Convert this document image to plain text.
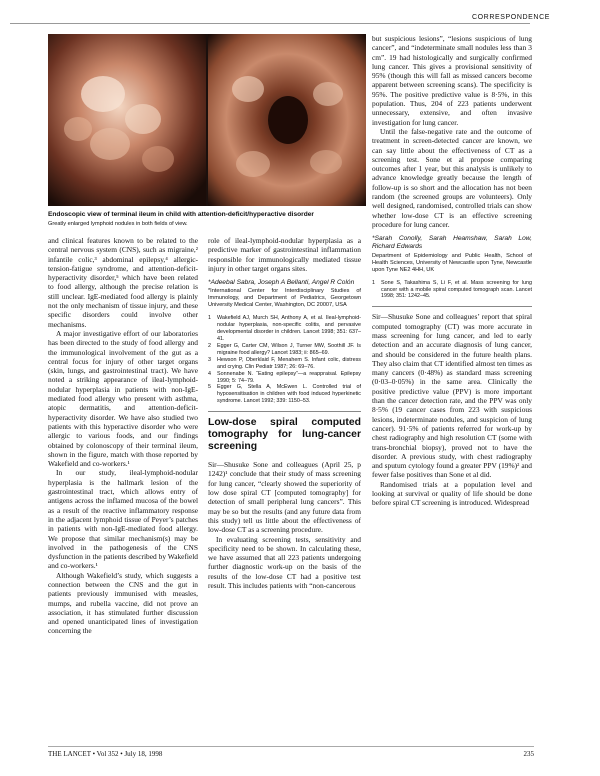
CORRESPONDENCE
Endoscopic view of terminal ileum in child with attention-deficit/hyperactive disorder
Greatly enlarged lymphoid nodules in both fields of view.

and clinical features known to be related to the central nervous system (CNS), such as migraine,² infantile colic,³ abdominal epilepsy,⁴ allergic-tension-fatigue syndrome, and attention-deficit-hyperactivity disorder,⁵ which have been related to food allergy, although the precise relation is still unclear. IgE-mediated food allergy is plainly not the only mechanism of tissue injury, and these specific disorders could involve other mechanisms.

A major investigative effort of our laboratories has been directed to the study of food allergy and the immunological involvement of the gut as a central focus for injury of other target organs (skin, lungs, and gastrointestinal tract). We have noted a striking appearance of ileal-lymphoid-nodular hyperplasia in patients with non-IgE-mediated food allergy who present with asthma, atopic dermatitis, and attention-deficit-hyperactivity disorder. We have also studied two patients with this hyperactive disorder who were allergic to various foods, and our findings obtained by colonoscopy of their terminal ileum, shown in the figure, match with those reported by Wakefield and co-workers.¹

In our study, ileal-lymphoid-nodular hyperplasia is the hallmark lesion of the gastrointestinal tract, which allows entry of antigens across the inflamed mucosa of the bowel as a result of the reactive inflammatory response in the adjacent lymphoid tissue of Peyer’s patches in patients with non-IgE-mediated food allergy. We propose that similar mechanism(s) may be involved in the pathogenesis of the CNS dysfunction in the patients described by Wakefield and co-workers.¹

Although Wakefield’s study, which suggests a connection between the CNS and the gut in patients previously immunised with measles, mumps, and rubella vaccine, did not prove an association, it has stimulated further discussion and opened unanticipated lines of investigation concerning the

role of ileal-lymphoid-nodular hyperplasia as a predictive marker of gastrointestinal inflammation responsible for immunologically mediated tissue injury in other target organs sites.

*Adeebal Sabra, Joseph A Bellanti, Angel R Colón
*International Center for Interdisciplinary Studies of Immunology, and Department of Pediatrics, Georgetown University Medical Center, Washington, DC 20007, USA
1	Wakefield AJ, Murch SH, Anthony A, et al. Ileal-lymphoid-nodular hyperplasia, non-specific colitis, and pervasive developmental disorder in children. Lancet 1998; 351: 637–41.
2	Egger G, Carter CM, Wilson J, Turner MW, Soothill JF. Is migraine food allergy? Lancet 1983; ii: 865–69.
3	Hewson P, Oberklaid F, Menahem S. Infant colic, distress and crying. Clin Pediatr 1987; 26: 69–76.
4	Sonnenabe N. “Eating epilepsy”—a reappraisal. Epilepsy 1990; 5: 74–79.
5	Egger G, Stella A, McEwen L. Controlled trial of hyposensitisation in children with food induced hyperkinetic syndrome. Lancet 1992; 339: 1150–53.
Low-dose spiral computed tomography for lung-cancer screening

Sir—Shusuke Sone and colleagues (April 25, p 1242)¹ conclude that their study of mass screening for lung cancer, “clearly showed the superiority of low dose spiral CT [computed tomography] for detection of small peripheral lung cancers”. This may be so but the results (and any future data from this study) tell us little about the effectiveness of low-dose CT as a screening procedure.

In evaluating screening tests, sensitivity and specificity need to be shown. In calculating these, we have assumed that all 223 patients undergoing further diagnostic work-up on the basis of the results of the low-dose CT had a positive test result. This includes patients with “non-cancerous

but suspicious lesions”, “lesions suspicious of lung cancer”, and “indeterminate small nodules less than 3 cm”. 19 had histologically and surgically confirmed lung cancer. This gives a provisional sensitivity of 95% (though this will fall as missed cancers become apparent between screening scans). The specificity is 95%. The positive predictive value is 8·5%, in this population. Thus, 204 of 223 patients underwent unnecessary, extensive, and often invasive investigation for lung cancer.

Until the false-negative rate and the outcome of treatment in screen-detected cancer are known, we can say little about the effectiveness of CT as a screening test. Sone et al propose comparing outcomes after 1 year, but this analysis is unlikely to advance knowledge greatly because the length of follow-up is so short and the allocation has not been random (the screened groups are volunteers). Only well designed, randomised, controlled trials can show whether low-dose CT is an effective screening procedure for lung cancer.

*Sarah Conolly, Sarah Heamshaw, Sarah Low, Richard Edwards
Department of Epidemiology and Public Health, School of Health Sciences, University of Newcastle upon Tyne, Newcastle upon Tyne NE2 4HH, UK
1	Sone S, Takashima S, Li F, et al. Mass screening for lung cancer with a mobile spiral computed tomograph scan. Lancet 1998; 351: 1242–45.

Sir—Shusuke Sone and colleagues’ report that spiral computed tomography (CT) was more accurate in mass screening for lung cancer, and led to early detection and an accurate diagnosis of lung cancer, and should be considered in the future health plans. They also claim that CT identified almost ten times as many cancers (0·48%) as standard mass screening (0·03–0·05%) in the same area. Clinically the positive predictive value (PPV) is more important than the cancer detection rate, and the PPV was only 8·5% (19 cancer cases from 223 with suspicious lesions, indeterminate nodules, and suspicion of lung cancer). 91·5% of patients referred for work-up by chest radiography and high resolution CT (some with trans-bronchial biopsy), proved not to have the disorder. A previous study, with chest radiography and sputum cytology found a greater PPV (19%)² and fewer false positives than Sone et al did.

Randomised trials at a population level and looking at survival or quality of life should be done before spiral CT screening is introduced. Widespread

THE LANCET • Vol 352 • July 18, 1998	235
